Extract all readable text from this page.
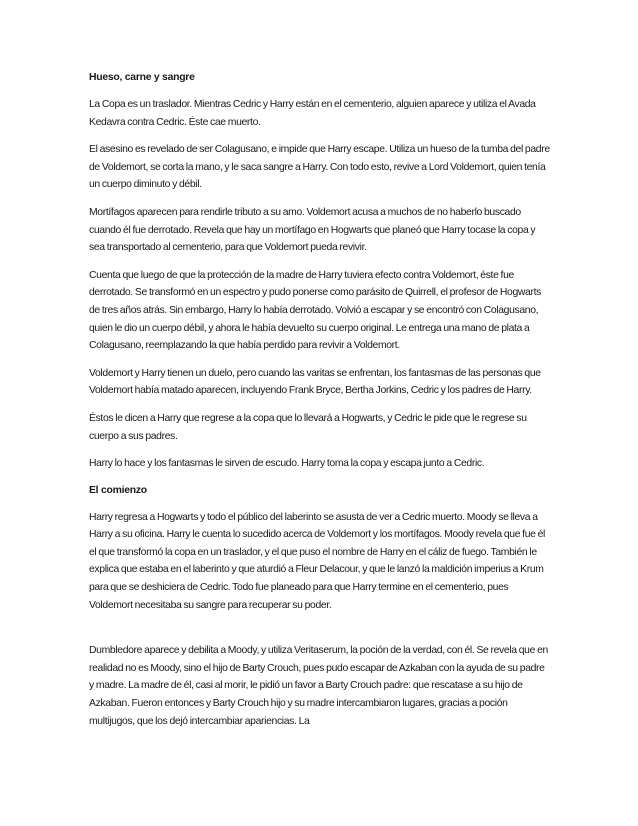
Hueso, carne y sangre

La Copa es un traslador. Mientras Cedric y Harry están en el cementerio, alguien aparece y utiliza el Avada Kedavra contra Cedric. Éste cae muerto.

El asesino es revelado de ser Colagusano, e impide que Harry escape. Utiliza un hueso de la tumba del padre de Voldemort, se corta la mano, y le saca sangre a Harry. Con todo esto, revive a Lord Voldemort, quien tenía un cuerpo diminuto y débil.

Mortífagos aparecen para rendirle tributo a su amo. Voldemort acusa a muchos de no haberlo buscado cuando él fue derrotado. Revela que hay un mortífago en Hogwarts que planeó que Harry tocase la copa y sea transportado al cementerio, para que Voldemort pueda revivir.

Cuenta que luego de que la protección de la madre de Harry tuviera efecto contra Voldemort, éste fue derrotado. Se transformó en un espectro y pudo ponerse como parásito de Quirrell, el profesor de Hogwarts de tres años atrás. Sin embargo, Harry lo había derrotado. Volvió a escapar y se encontró con Colagusano, quien le dio un cuerpo débil, y ahora le había devuelto su cuerpo original. Le entrega una mano de plata a Colagusano, reemplazando la que había perdido para revivir a Voldemort.

Voldemort y Harry tienen un duelo, pero cuando las varitas se enfrentan, los fantasmas de las personas que Voldemort había matado aparecen, incluyendo Frank Bryce, Bertha Jorkins, Cedric y los padres de Harry.

Éstos le dicen a Harry que regrese a la copa que lo llevará a Hogwarts, y Cedric le pide que le regrese su cuerpo a sus padres.

Harry lo hace y los fantasmas le sirven de escudo. Harry toma la copa y escapa junto a Cedric.

El comienzo

Harry regresa a Hogwarts y todo el público del laberinto se asusta de ver a Cedric muerto. Moody se lleva a Harry a su oficina. Harry le cuenta lo sucedido acerca de Voldemort y los mortífagos. Moody revela que fue él el que transformó la copa en un traslador, y el que puso el nombre de Harry en el cáliz de fuego. También le explica que estaba en el laberinto y que aturdió a Fleur Delacour, y que le lanzó la maldición imperius a Krum para que se deshiciera de Cedric. Todo fue planeado para que Harry termine en el cementerio, pues Voldemort necesitaba su sangre para recuperar su poder.

Dumbledore aparece y debilita a Moody, y utiliza Veritaserum, la poción de la verdad, con él. Se revela que en realidad no es Moody, sino el hijo de Barty Crouch, pues pudo escapar de Azkaban con la ayuda de su padre y madre. La madre de él, casi al morir, le pidió un favor a Barty Crouch padre: que rescatase a su hijo de Azkaban. Fueron entonces y Barty Crouch hijo y su madre intercambiaron lugares, gracias a poción multijugos, que los dejó intercambiar apariencias. La
